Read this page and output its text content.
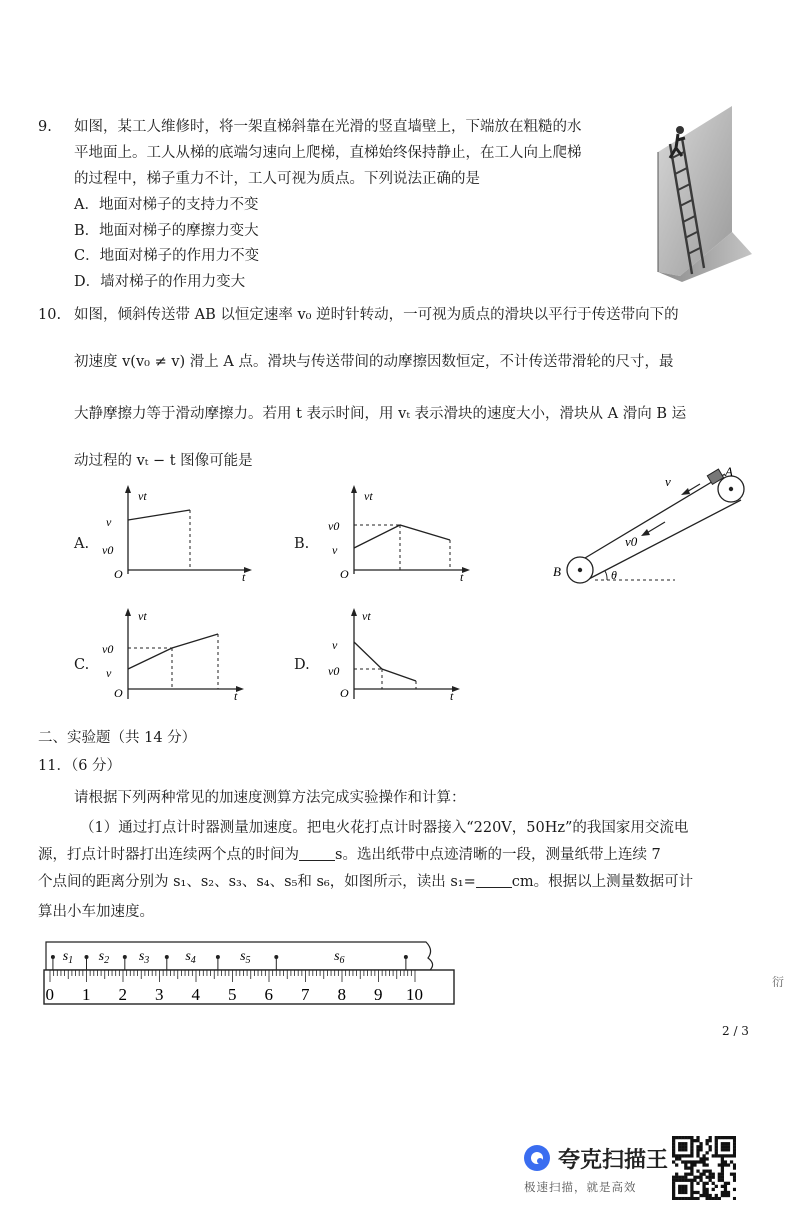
9. 如图，某工人维修时，将一架直梯斜靠在光滑的竖直墙壁上，下端放在粗糙的水
平地面上。工人从梯的底端匀速向上爬梯，直梯始终保持静止，在工人向上爬梯
的过程中，梯子重力不计，工人可视为质点。下列说法正确的是
A．地面对梯子的支持力不变
B．地面对梯子的摩擦力变大
C．地面对梯子的作用力不变
D．墙对梯子的作用力变大
10. 如图，倾斜传送带 AB 以恒定速率 v₀ 逆时针转动，一可视为质点的滑块以平行于传送带向下的
初速度 v(v₀ ≠ v) 滑上 A 点。滑块与传送带间的动摩擦因数恒定，不计传送带滑轮的尺寸，最
大静摩擦力等于滑动摩擦力。若用 t 表示时间，用 vₜ 表示滑块的速度大小，滑块从 A 滑向 B 运
动过程的 vₜ − t 图像可能是
A.
vt
t
O
v
v0	B.
vt
t
O
v0
v
C.
vt
t
O
v0
v	D.
vt
t
O
v
v0
v
A
v0
B	θ
二、实验题（共 14 分）
11．（6 分）
请根据下列两种常见的加速度测算方法完成实验操作和计算：
（1）通过打点计时器测量加速度。把电火花打点计时器接入“220V，50Hz”的我国家用交流电
源，打点计时器打出连续两个点的时间为 s。选出纸带中点迹清晰的一段，测量纸带上连续 7
个点间的距离分别为 s₁、s₂、s₃、s₄、s₅和 s₆，如图所示，读出 s₁= cm。根据以上测量数据可计
算出小车加速度。
0 1 2 3 4 5 6 7 8 9 10
$s_1$ $s_2$ $s_3$	$s_4$	$s_5$	$s_6$
衍
2 / 3
夸克扫描王
极速扫描，就是高效
